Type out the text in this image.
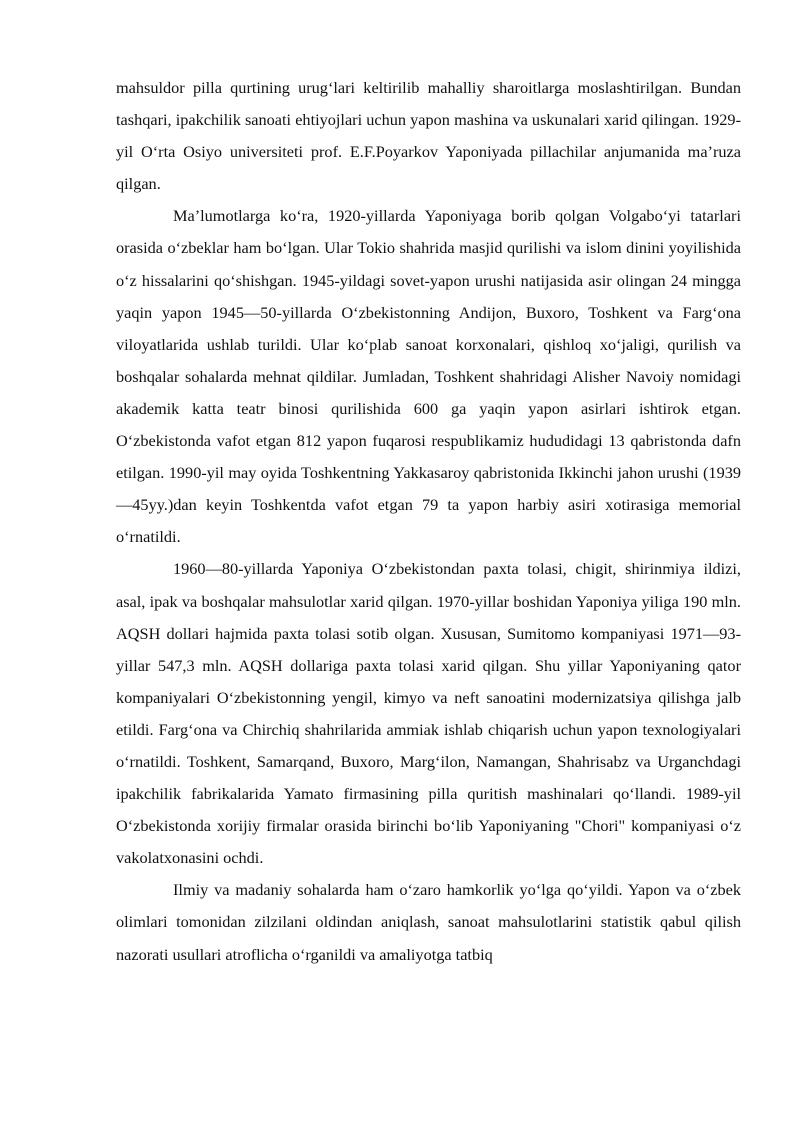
mahsuldor pilla qurtining urug‘lari keltirilib mahalliy sharoitlarga moslashtirilgan. Bundan tashqari, ipakchilik sanoati ehtiyojlari uchun yapon mashina va uskunalari xarid qilingan. 1929-yil O‘rta Osiyo universiteti prof. E.F.Poyarkov Yaponiyada pillachilar anjumanida ma’ruza qilgan.

Ma’lumotlarga ko‘ra, 1920-yillarda Yaponiyaga borib qolgan Volgabo‘yi tatarlari orasida o‘zbeklar ham bo‘lgan. Ular Tokio shahrida masjid qurilishi va islom dinini yoyilishida o‘z hissalarini qo‘shishgan. 1945-yildagi sovet-yapon urushi natijasida asir olingan 24 mingga yaqin yapon 1945—50-yillarda O‘zbekistonning Andijon, Buxoro, Toshkent va Farg‘ona viloyatlarida ushlab turildi. Ular ko‘plab sanoat korxonalari, qishloq xo‘jaligi, qurilish va boshqalar sohalarda mehnat qildilar. Jumladan, Toshkent shahridagi Alisher Navoiy nomidagi akademik katta teatr binosi qurilishida 600 ga yaqin yapon asirlari ishtirok etgan. O‘zbekistonda vafot etgan 812 yapon fuqarosi respublikamiz hududidagi 13 qabristonda dafn etilgan. 1990-yil may oyida Toshkentning Yakkasaroy qabristonida Ikkinchi jahon urushi (1939—45yy.)dan keyin Toshkentda vafot etgan 79 ta yapon harbiy asiri xotirasiga memorial o‘rnatildi.

1960—80-yillarda Yaponiya O‘zbekistondan paxta tolasi, chigit, shirinmiya ildizi, asal, ipak va boshqalar mahsulotlar xarid qilgan. 1970-yillar boshidan Yaponiya yiliga 190 mln. AQSH dollari hajmida paxta tolasi sotib olgan. Xususan, Sumitomo kompaniyasi 1971—93-yillar 547,3 mln. AQSH dollariga paxta tolasi xarid qilgan. Shu yillar Yaponiyaning qator kompaniyalari O‘zbekistonning yengil, kimyo va neft sanoatini modernizatsiya qilishga jalb etildi. Farg‘ona va Chirchiq shahrilarida ammiak ishlab chiqarish uchun yapon texnologiyalari o‘rnatildi. Toshkent, Samarqand, Buxoro, Marg‘ilon, Namangan, Shahrisabz va Urganchdagi ipakchilik fabrikalarida Yamato firmasining pilla quritish mashinalari qo‘llandi. 1989-yil O‘zbekistonda xorijiy firmalar orasida birinchi bo‘lib Yaponiyaning "Chori" kompaniyasi o‘z vakolatxonasini ochdi.

Ilmiy va madaniy sohalarda ham o‘zaro hamkorlik yo‘lga qo‘yildi. Yapon va o‘zbek olimlari tomonidan zilzilani oldindan aniqlash, sanoat mahsulotlarini statistik qabul qilish nazorati usullari atroflicha o‘rganildi va amaliyotga tatbiq
